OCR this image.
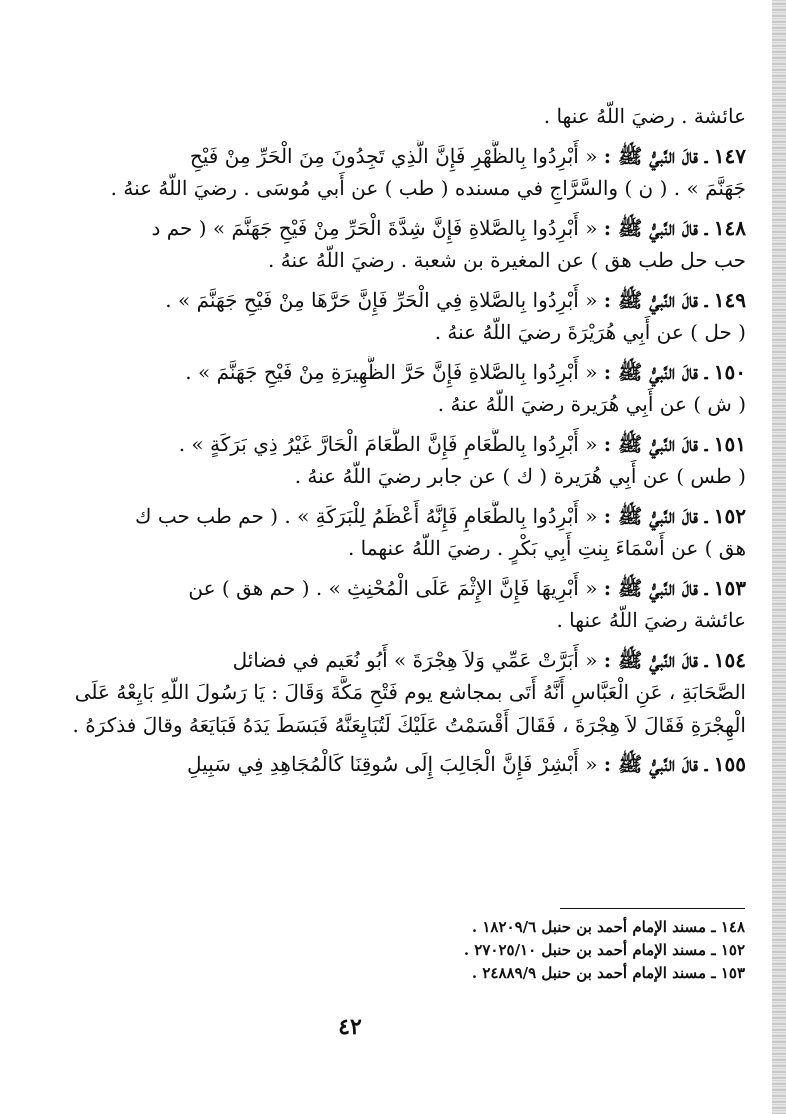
عائشة . رضيَ اللّهُ عنها .
١٤٧ ـ قالَ النَّبيُّ ﷺ : « أَبْرِدُوا بِالظُّهْرِ فَإِنَّ الَّذِي تَجِدُونَ مِنَ الْحَرِّ مِنْ فَيْحِ
جَهَنَّمَ » . ( ن ) والسَّرَّاجِ في مسنده ( طب ) عن أَبي مُوسَى . رضيَ اللّهُ عنهُ .
١٤٨ ـ قالَ النَّبيُّ ﷺ : « أَبْرِدُوا بِالصَّلاةِ فَإِنَّ شِدَّةَ الْحَرِّ مِنْ فَيْحِ جَهَنَّمَ » ( حم د
حب حل طب هق ) عن المغيرة بن شعبة . رضيَ اللّهُ عنهُ .
١٤٩ ـ قالَ النَّبيُّ ﷺ : « أَبْرِدُوا بِالصَّلاةِ فِي الْحَرِّ فَإِنَّ حَرَّهَا مِنْ فَيْحِ جَهَنَّمَ » .
( حل ) عن أَبِي هُرَيْرَةَ رضيَ اللّهُ عنهُ .
١٥٠ ـ قالَ النَّبيُّ ﷺ : « أَبْرِدُوا بِالصَّلاةِ فَإِنَّ حَرَّ الظَّهِيرَةِ مِنْ فَيْحِ جَهَنَّمَ » .
( ش ) عن أَبِي هُرَيرة رضيَ اللّهُ عنهُ .
١٥١ ـ قالَ النَّبيُّ ﷺ : « أَبْرِدُوا بِالطَّعَامِ فَإِنَّ الطَّعَامَ الْحَارَّ غَيْرُ ذِي بَرَكَةٍ » .
( طس ) عن أَبِي هُرَيرة ( ك ) عن جابر رضيَ اللّهُ عنهُ .
١٥٢ ـ قالَ النَّبيُّ ﷺ : « أَبْرِدُوا بِالطَّعَامِ فَإِنَّهُ أَعْظَمُ لِلْبَرَكَةِ » . ( حم طب حب ك
هق ) عن أَسْمَاءَ بِنتِ أَبِي بَكْرٍ . رضيَ اللّهُ عنهما .
١٥٣ ـ قالَ النَّبيُّ ﷺ : « أَبْرِيهَا فَإِنَّ الإِثْمَ عَلَى الْمُحْنِثِ » . ( حم هق ) عن
عائشة رضيَ اللّهُ عنها .
١٥٤ ـ قالَ النَّبيُّ ﷺ : « أَبَرَّتْ عَمِّي وَلاَ هِجْرَةَ » أَبُو نُعَيم في فضائل
الصَّحَابَةِ ، عَنِ الْعَبَّاسِ أَنَّهُ أَتَى بمجاشع يوم فَتْحِ مَكَّةَ وَقَالَ : يَا رَسُولَ اللّهِ بَايِعْهُ عَلَى
الْهِجْرَةِ فَقَالَ لاَ هِجْرَةَ ، فَقَالَ أَقْسَمْتُ عَلَيْكَ لَتُبَايِعَنَّهُ فَبَسَطَ يَدَهُ فَبَايَعَهُ وقالَ فذكرَهُ .
١٥٥ ـ قالَ النَّبيُّ ﷺ : « أَبْشِرْ فَإِنَّ الْجَالِبَ إِلَى سُوقِنَا كَالْمُجَاهِدِ فِي سَبِيلِ
١٤٨ ـ مسند الإمام أحمد بن حنبل ١٨٢٠٩/٦ .
١٥٢ ـ مسند الإمام أحمد بن حنبل ٢٧٠٢٥/١٠ .
١٥٣ ـ مسند الإمام أحمد بن حنبل ٢٤٨٨٩/٩ .
٤٢
